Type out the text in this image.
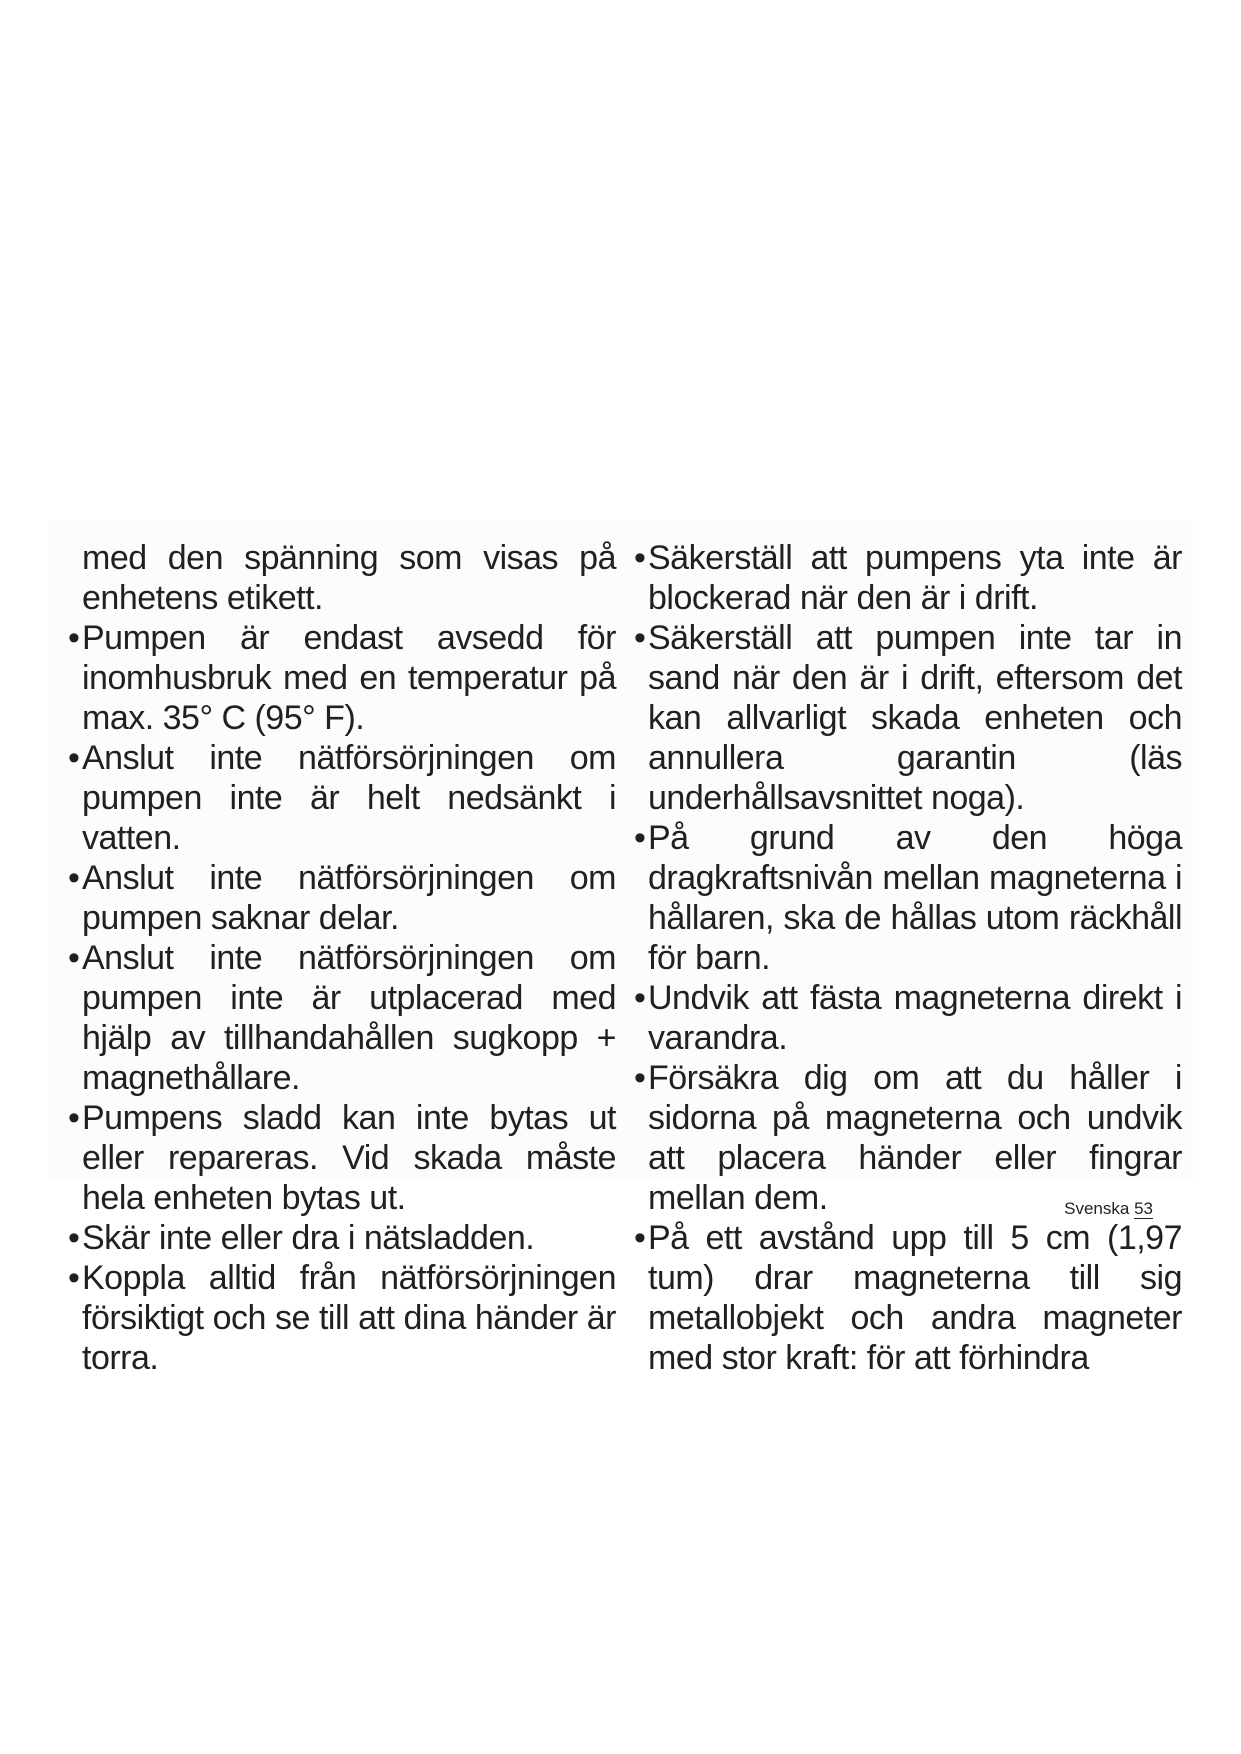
med den spänning som visas på enhetens etikett.

• Pumpen är endast avsedd för inomhusbruk med en temperatur på max. 35° C (95° F).

• Anslut inte nätförsörjningen om pumpen inte är helt nedsänkt i vatten.

• Anslut inte nätförsörjningen om pumpen saknar delar.

• Anslut inte nätförsörjningen om pumpen inte är utplacerad med hjälp av tillhandahållen sugkopp + magnethållare.

• Pumpens sladd kan inte bytas ut eller repareras. Vid skada måste hela enheten bytas ut.

• Skär inte eller dra i nätsladden.

• Koppla alltid från nätförsörjningen försiktigt och se till att dina händer är torra.

• Säkerställ att pumpens yta inte är blockerad när den är i drift.

• Säkerställ att pumpen inte tar in sand när den är i drift, eftersom det kan allvarligt skada enheten och annullera garantin (läs underhållsavsnittet noga).

• På grund av den höga dragkraftsnivån mellan magneterna i hållaren, ska de hållas utom räckhåll för barn.

• Undvik att fästa magneterna direkt i varandra.

• Försäkra dig om att du håller i sidorna på magneterna och undvik att placera händer eller fingrar mellan dem.

• På ett avstånd upp till 5 cm (1,97 tum) drar magneterna till sig metallobjekt och andra magneter med stor kraft: för att förhindra

Svenska 53
